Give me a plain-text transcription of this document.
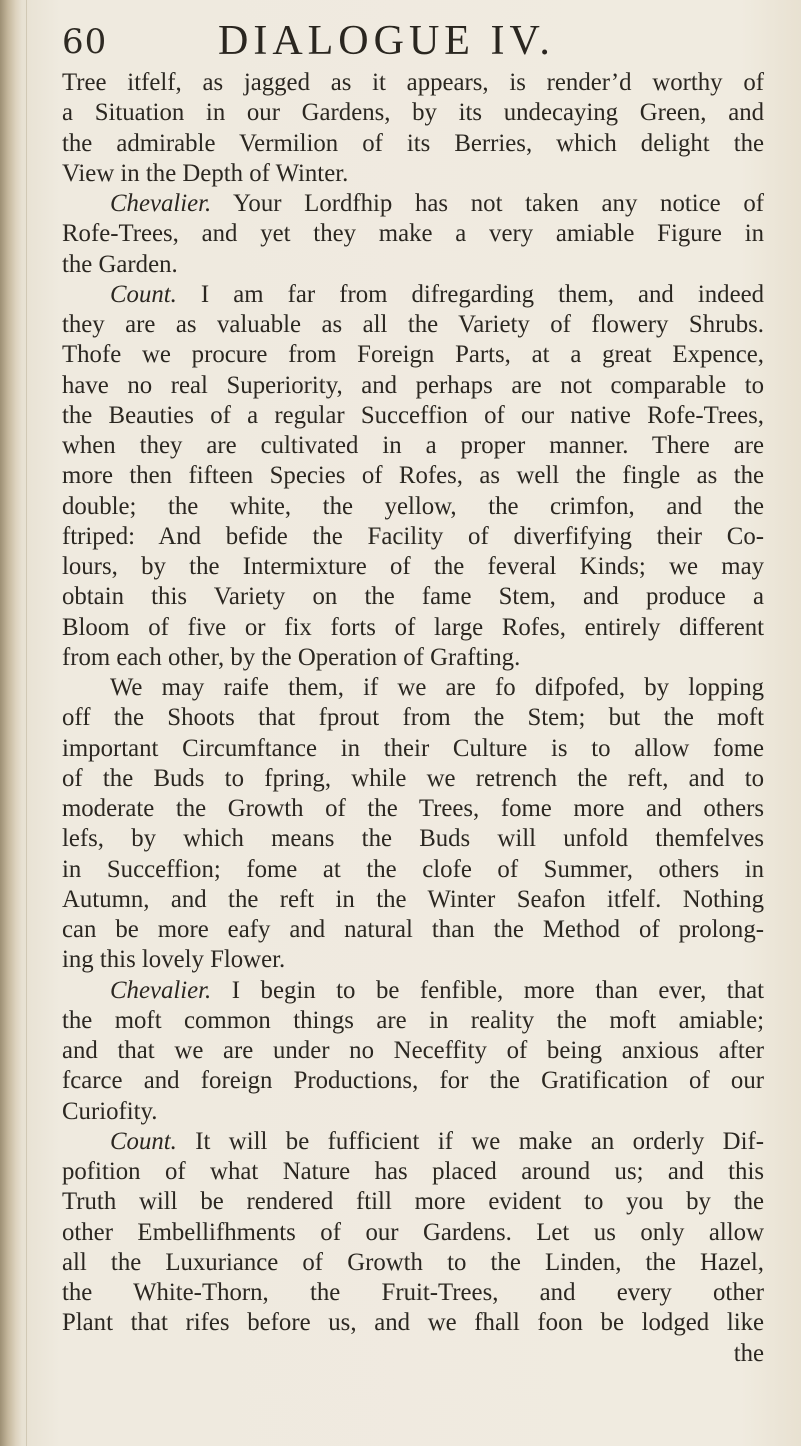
60	DIALOGUE IV.
Tree itfelf, as jagged as it appears, is render’d worthy of
a Situation in our Gardens, by its undecaying Green, and
the admirable Vermilion of its Berries, which delight the
View in the Depth of Winter.
Chevalier. Your Lordfhip has not taken any notice of
Rofe-Trees, and yet they make a very amiable Figure in
the Garden.
Count. I am far from difregarding them, and indeed
they are as valuable as all the Variety of flowery Shrubs.
Thofe we procure from Foreign Parts, at a great Expence,
have no real Superiority, and perhaps are not comparable to
the Beauties of a regular Succeffion of our native Rofe-Trees,
when they are cultivated in a proper manner. There are
more then fifteen Species of Rofes, as well the fingle as the
double; the white, the yellow, the crimfon, and the
ftriped: And befide the Facility of diverfifying their Co-
lours, by the Intermixture of the feveral Kinds; we may
obtain this Variety on the fame Stem, and produce a
Bloom of five or fix forts of large Rofes, entirely different
from each other, by the Operation of Grafting.
We may raife them, if we are fo difpofed, by lopping
off the Shoots that fprout from the Stem; but the moft
important Circumftance in their Culture is to allow fome
of the Buds to fpring, while we retrench the reft, and to
moderate the Growth of the Trees, fome more and others
lefs, by which means the Buds will unfold themfelves
in Succeffion; fome at the clofe of Summer, others in
Autumn, and the reft in the Winter Seafon itfelf. Nothing
can be more eafy and natural than the Method of prolong-
ing this lovely Flower.
Chevalier. I begin to be fenfible, more than ever, that
the moft common things are in reality the moft amiable;
and that we are under no Neceffity of being anxious after
fcarce and foreign Productions, for the Gratification of our
Curiofity.
Count. It will be fufficient if we make an orderly Dif-
pofition of what Nature has placed around us; and this
Truth will be rendered ftill more evident to you by the
other Embellifhments of our Gardens. Let us only allow
all the Luxuriance of Growth to the Linden, the Hazel,
the White-Thorn, the Fruit-Trees, and every other
Plant that rifes before us, and we fhall foon be lodged like
the
